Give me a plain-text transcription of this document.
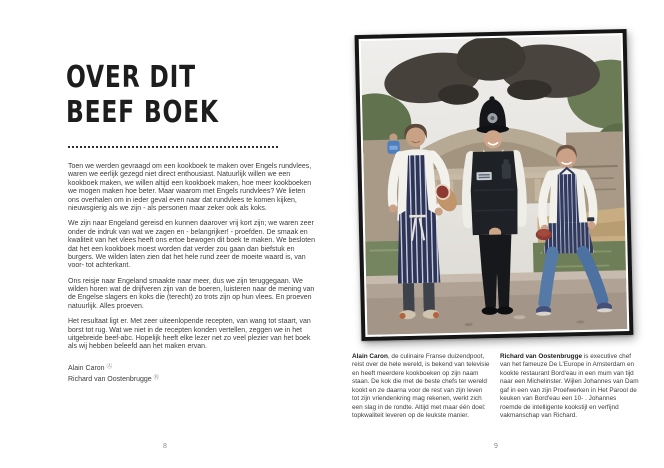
OVER DIT
BEEF BOEK

Toen we werden gevraagd om een kookboek te maken over Engels rundvlees, waren we eerlijk gezegd niet direct enthousiast. Natuurlijk willen we een kookboek maken, we willen altijd een kookboek maken, hoe meer kookboeken we mogen maken hoe beter. Maar waarom met Engels rundvlees? We lieten ons overhalen om in ieder geval even naar dat rundvlees te komen kijken, nieuwsgierig als we zijn - als personen maar zeker ook als koks.

We zijn naar Engeland gereisd en kunnen daarover vrij kort zijn; we waren zeer onder de indruk van wat we zagen en - belangrijker! - proefden. De smaak en kwaliteit van het vlees heeft ons ertoe bewogen dit boek te maken. We besloten dat het een kookboek moest worden dat verder zou gaan dan biefstuk en burgers. We wilden laten zien dat het hele rund zeer de moeite waard is, van voor- tot achterkant.

Ons reisje naar Engeland smaakte naar meer, dus we zijn teruggegaan. We wilden horen wat de drijfveren zijn van de boeren, luisteren naar de mening van de Engelse slagers en koks die (terecht) zo trots zijn op hun vlees. En proeven natuurlijk. Alles proeven.

Het resultaat ligt er. Met zeer uiteenlopende recepten, van wang tot staart, van borst tot rug. Wat we niet in de recepten konden vertellen, zeggen we in het uitgebreide beef-abc. Hopelijk heeft elke lezer net zo veel plezier van het boek als wij hebben beleefd aan het maken ervan.

Alain Caron Ⓐ
Richard van Oostenbrugge Ⓡ
8
Alain Caron, de culinaire Franse duizendpoot, reist over de hele wereld, is bekend van televisie en heeft meerdere kookboeken op zijn naam staan. De kok die met de beste chefs ter wereld kookt en ze daarna voor de rest van zijn leven tot zijn vriendenkring mag rekenen, werkt zich een slag in de rondte. Altijd met maar één doel: topkwaliteit leveren op de leukste manier.
Richard van Oostenbrugge is executive chef van het fameuze De L'Europe in Amsterdam en kookte restaurant Bord'eau in een mum van tijd naar een Michelinster. Wijlen Johannes van Dam gaf in een van zijn Proefwerken in Het Parool de keuken van Bord'eau een 10- . Johannes roemde de intelligente kookstijl en verfijnd vakmanschap van Richard.
9
